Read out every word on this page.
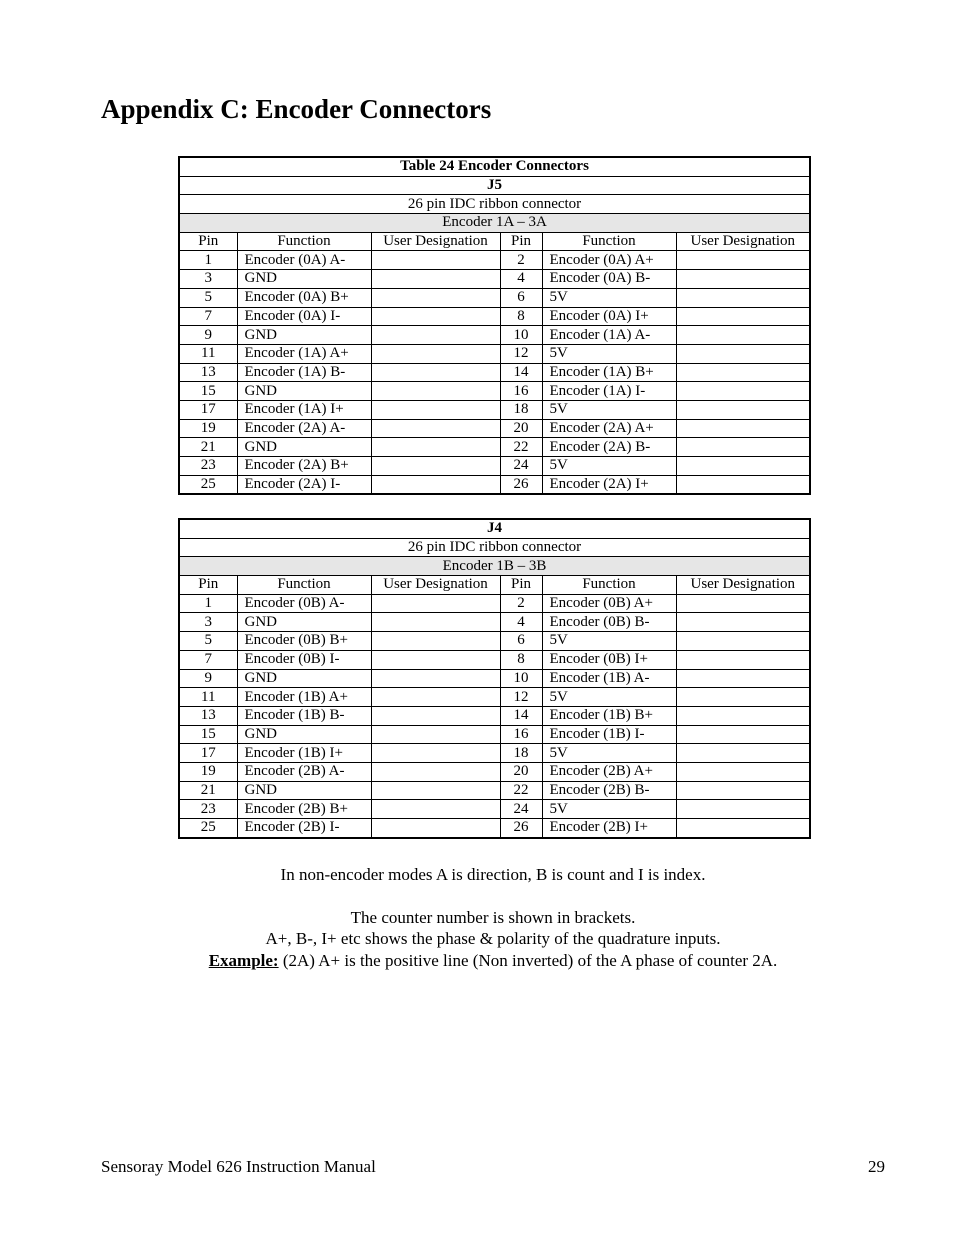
Appendix C: Encoder Connectors
Table 24 Encoder Connectors					
J5					
26 pin IDC ribbon connector					
Encoder 1A – 3A					
Pin	Function	User Designation	Pin	Function	User Designation
1	Encoder (0A) A-		2	Encoder (0A) A+	
3	GND		4	Encoder (0A) B-	
5	Encoder (0A) B+		6	5V	
7	Encoder (0A) I-		8	Encoder (0A) I+	
9	GND		10	Encoder (1A) A-	
11	Encoder (1A) A+		12	5V	
13	Encoder (1A) B-		14	Encoder (1A) B+	
15	GND		16	Encoder (1A) I-	
17	Encoder (1A) I+		18	5V	
19	Encoder (2A) A-		20	Encoder (2A) A+	
21	GND		22	Encoder (2A) B-	
23	Encoder (2A) B+		24	5V	
25	Encoder (2A) I-		26	Encoder (2A) I+	
J4					
26 pin IDC ribbon connector					
Encoder 1B – 3B					
Pin	Function	User Designation	Pin	Function	User Designation
1	Encoder (0B) A-		2	Encoder (0B) A+	
3	GND		4	Encoder (0B) B-	
5	Encoder (0B) B+		6	5V	
7	Encoder (0B) I-		8	Encoder (0B) I+	
9	GND		10	Encoder (1B) A-	
11	Encoder (1B) A+		12	5V	
13	Encoder (1B) B-		14	Encoder (1B) B+	
15	GND		16	Encoder (1B) I-	
17	Encoder (1B) I+		18	5V	
19	Encoder (2B) A-		20	Encoder (2B) A+	
21	GND		22	Encoder (2B) B-	
23	Encoder (2B) B+		24	5V	
25	Encoder (2B) I-		26	Encoder (2B) I+	

In non-encoder modes A is direction, B is count and I is index.

The counter number is shown in brackets.

A+, B-, I+ etc shows the phase & polarity of the quadrature inputs.

Example: (2A) A+ is the positive line (Non inverted) of the A phase of counter 2A.

Sensoray Model 626 Instruction Manual	29
